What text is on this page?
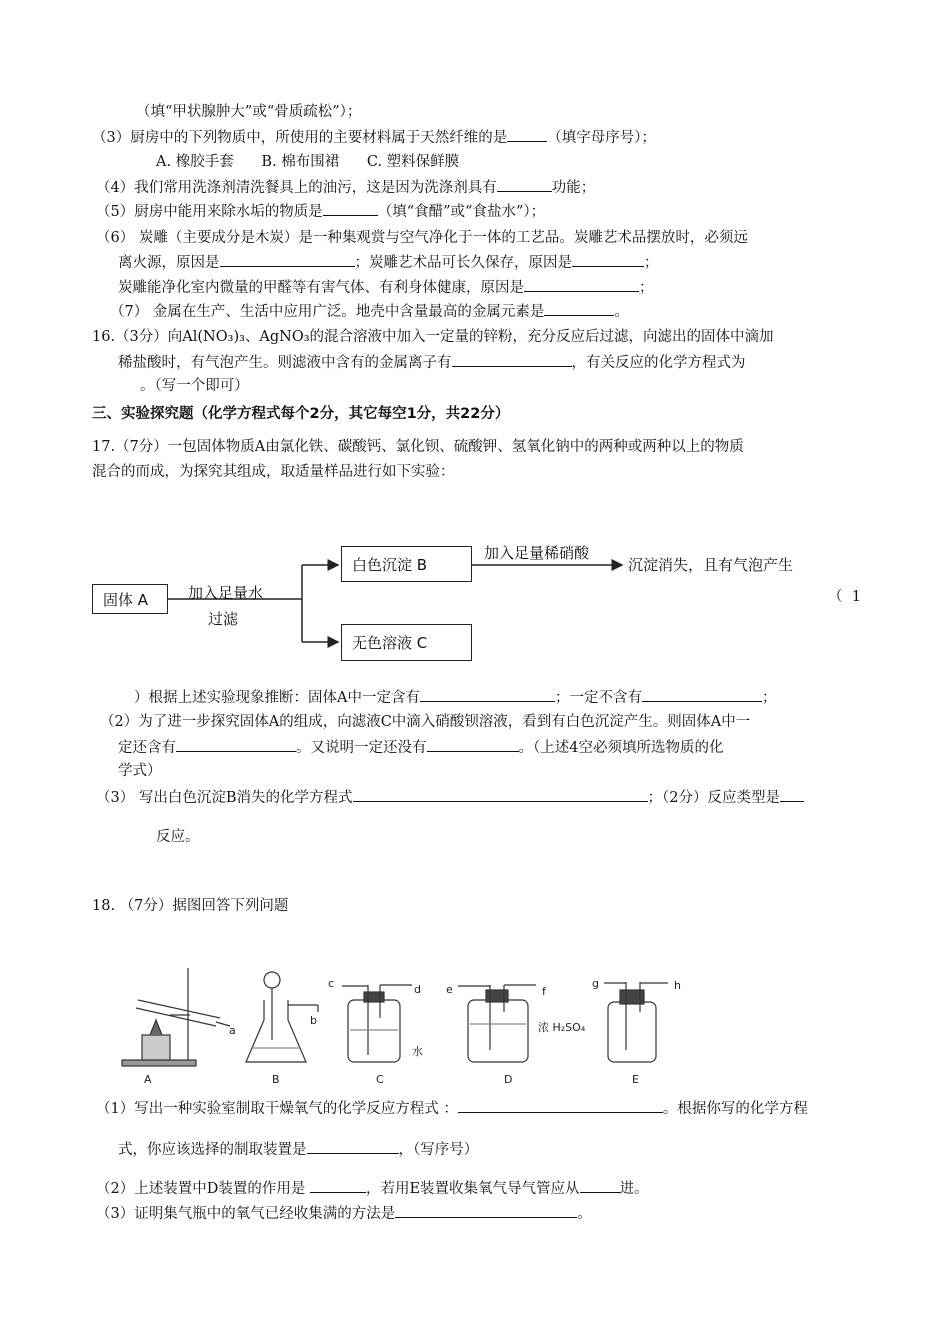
（填“甲状腺肿大”或“骨质疏松”）；
（3）厨房中的下列物质中，所使用的主要材料属于天然纤维的是	（填字母序号）；
A. 橡胶手套      B. 棉布围裙      C. 塑料保鲜膜
（4）我们常用洗涤剂清洗餐具上的油污，这是因为洗涤剂具有	功能；
（5）厨房中能用来除水垢的物质是	（填“食醋”或“食盐水”）；
（6） 炭雕（主要成分是木炭）是一种集观赏与空气净化于一体的工艺品。炭雕艺术品摆放时，必须远
离火源，原因是	；炭雕艺术品可长久保存，原因是	；
炭雕能净化室内微量的甲醛等有害气体、有利身体健康，原因是	；
（7） 金属在生产、生活中应用广泛。地壳中含量最高的金属元素是	。
16.（3分）向Al(NO₃)₃、AgNO₃的混合溶液中加入一定量的锌粉，充分反应后过滤，向滤出的固体中滴加
稀盐酸时，有气泡产生。则滤液中含有的金属离子有	，有关反应的化学方程式为
。（写一个即可）
三、实验探究题（化学方程式每个2分，其它每空1分，共22分）
17.（7分）一包固体物质A由氯化铁、碳酸钙、氯化钡、硫酸钾、氢氧化钠中的两种或两种以上的物质
混合的而成，为探究其组成，取适量样品进行如下实验：
固体 A	加入足量水
过滤
白色沉淀 B
无色溶液 C
加入足量稀硝酸
沉淀消失，且有气泡产生
（  1
）根据上述实验现象推断：固体A中一定含有	；一定不含有	；
（2）为了进一步探究固体A的组成，向滤液C中滴入硝酸钡溶液，看到有白色沉淀产生。则固体A中一
定还含有	。又说明一定还没有	。（上述4空必须填所选物质的化
学式）
（3） 写出白色沉淀B消失的化学方程式	；（2分）反应类型是
反应。
18. （7分）据图回答下列问题
A	B	C	D	E
a
b
c	d e	f
g	h
水
浓 H₂SO₄
（1）写出一种实验室制取干燥氧气的化学反应方程式 ：	。根据你写的化学方程
式，你应该选择的制取装置是	，（写序号）
（2）上述装置中D装置的作用是	，若用E装置收集氧气导气管应从	进。
（3）证明集气瓶中的氧气已经收集满的方法是	。
